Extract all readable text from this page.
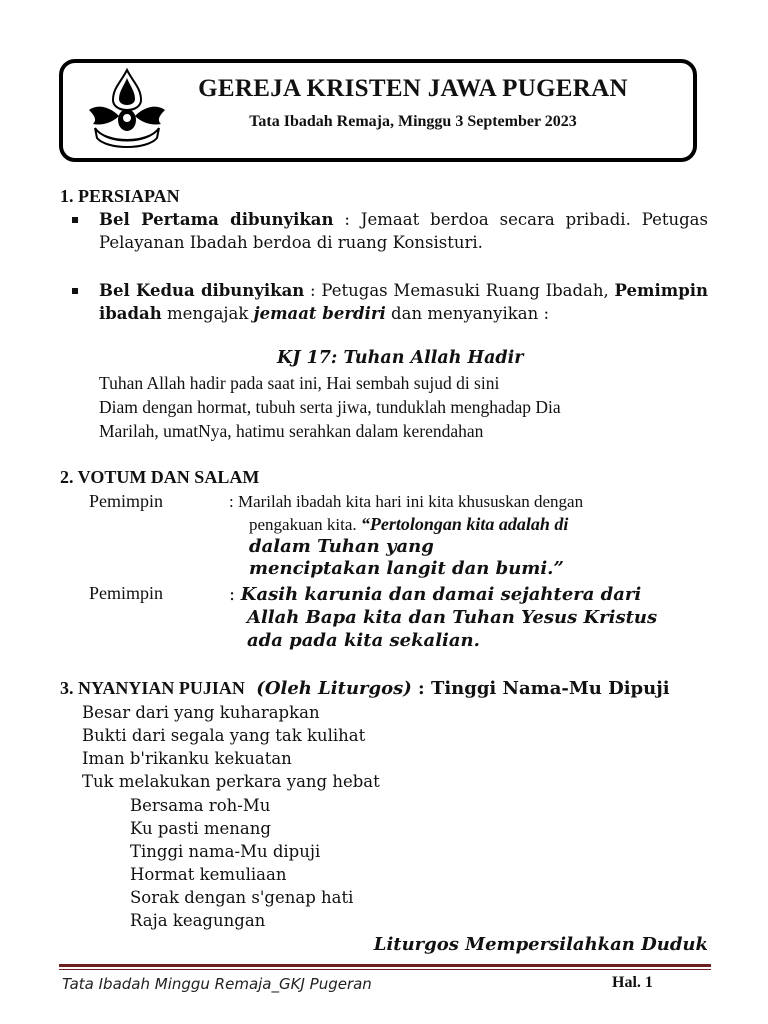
GEREJA KRISTEN JAWA PUGERAN
Tata Ibadah Remaja, Minggu 3 September 2023
1. PERSIAPAN
Bel Pertama dibunyikan : Jemaat berdoa secara pribadi. Petugas
Pelayanan Ibadah berdoa di ruang Konsisturi.
Bel Kedua dibunyikan : Petugas Memasuki Ruang Ibadah, Pemimpin
ibadah mengajak jemaat berdiri dan menyanyikan :
KJ 17: Tuhan Allah Hadir
Tuhan Allah hadir pada saat ini, Hai sembah sujud di sini
Diam dengan hormat, tubuh serta jiwa, tunduklah menghadap Dia
Marilah, umatNya, hatimu serahkan dalam kerendahan
2. VOTUM DAN SALAM
Pemimpin	: Marilah ibadah kita hari ini kita khususkan dengan
pengakuan kita. “Pertolongan kita adalah di
dalam Tuhan yang
menciptakan langit dan bumi.”
Pemimpin	: Kasih karunia dan damai sejahtera dari
Allah Bapa kita dan Tuhan Yesus Kristus
ada pada kita sekalian.
3. NYANYIAN PUJIAN (Oleh Liturgos) : Tinggi Nama-Mu Dipuji
Besar dari yang kuharapkan
Bukti dari segala yang tak kulihat
Iman b'rikanku kekuatan
Tuk melakukan perkara yang hebat
Bersama roh-Mu
Ku pasti menang
Tinggi nama-Mu dipuji
Hormat kemuliaan
Sorak dengan s'genap hati
Raja keagungan
Liturgos Mempersilahkan Duduk
Tata Ibadah Minggu Remaja_GKJ Pugeran	Hal. 1
